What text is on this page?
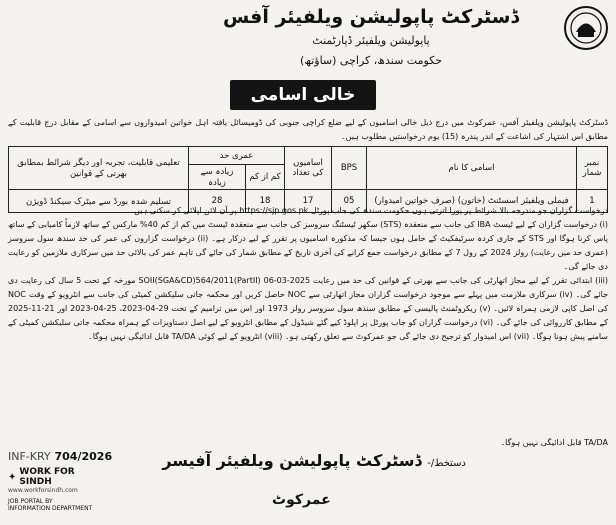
ڈسٹرکٹ پاپولیشن ویلفیئر آفس
پاپولیشن ویلفیئر ڈپارٹمنٹ
حکومت سندھ، کراچی (ساؤتھ)
خالی اسامی
ڈسٹرکٹ پاپولیشن ویلفیئر آفس، عمرکوٹ میں درج ذیل خالی اسامیوں کے لیے ضلع کراچی جنوبی کی ڈومیسائل یافتہ اہل خواتین امیدواروں سے اسامی کے مقابل درج قابلیت کے مطابق اس اشتہار کی اشاعت کے اندر پندرہ (15) یوم درخواستیں مطلوب ہیں۔
نمبر شمار	اسامی کا نام	BPS	اسامیوں کی تعداد	عمری حد		تعلیمی قابلیت، تجربہ اور دیگر شرائط بمطابق بھرتی کے قوانین
				کم از کم	زیادہ سے زیادہ	
1	فیملی ویلفیئر اسسٹنٹ (خاتون) (صرف خواتین امیدوار)	05	17	18	28	تسلیم شدہ بورڈ سے میٹرک سیکنڈ ڈویژن

درخواست گزاران جو مندرجہ بالا شرائط پر پورا اترتی ہوں حکومت سندھ کی جاب پورٹل https://sjp.gos.pk پر آن لائن اپلائی کر سکتی ہیں۔

(i) درخواست گزاران کے لیے ٹیسٹ IBA کی جانب سے منعقدہ (STS) سکھر ٹیسٹنگ سروسز کی جانب سے منعقدہ ٹیسٹ میں کم از کم 40% مارکس کے ساتھ لازماً کامیابی کے ساتھ پاس کرنا ہوگا اور STS کے جاری کردہ سرٹیفکیٹ کے حامل ہوں جیسا کہ مذکورہ اسامیوں پر تقرر کے لیے درکار ہے۔ (ii) درخواست گزاروں کی عمر کی حد سندھ سول سروسز (عمری حد میں رعایت) رولز 2024 کے رول 7 کے مطابق درخواست جمع کرانے کی آخری تاریخ کے مطابق شمار کی جائے گی تاہم عمر کی بالائی حد میں سرکاری ملازمین کو رعایت دی جائے گی۔

(iii) ابتدائی تقرر کے لیے مجاز اتھارٹی کی جانب سے بھرتی کے قوانین کی حد میں رعایت SOII(SGA&CD)564/2011(PartII) 06-03-2025 مورخہ کے تحت 5 سال کی رعایت دی جائے گی۔ (iv) سرکاری ملازمت میں پہلے سے موجود درخواست گزاران مجاز اتھارٹی سے NOC حاصل کریں اور محکمہ جاتی سلیکشن کمیٹی کی جانب سے انٹرویو کے وقت NOC کی اصل کاپی لازمی ہمراہ لائیں۔ (v) ریکروٹمنٹ پالیسی کے مطابق سندھ سول سروسز رولز 1973 اور اس میں ترامیم کے تحت 29-04-2023، 25-04-2023 اور 21-11-2025 کے مطابق کارروائی کی جائے گی۔ (vi) درخواست گزاران کو جاب پورٹل پر اپلوڈ کیے گئے شیڈول کے مطابق انٹرویو کے لیے اصل دستاویزات کے ہمراہ محکمہ جاتی سلیکشن کمیٹی کے سامنے پیش ہونا ہوگا۔ (vii) اس امیدوار کو ترجیح دی جائے گی جو عمرکوٹ سے تعلق رکھتی ہو۔ (viii) انٹرویو کے لیے کوئی TA/DA قابل ادائیگی نہیں ہوگا۔

TA/DA قابل ادائیگی نہیں ہوگا۔
دستخط/- ڈسٹرکٹ پاپولیشن ویلفیئر آفیسر
عمرکوٹ
INF-KRY 704/2026
✦ WORK FOR SINDH
www.workforsindh.com
JOB PORTAL BY
INFORMATION DEPARTMENT
